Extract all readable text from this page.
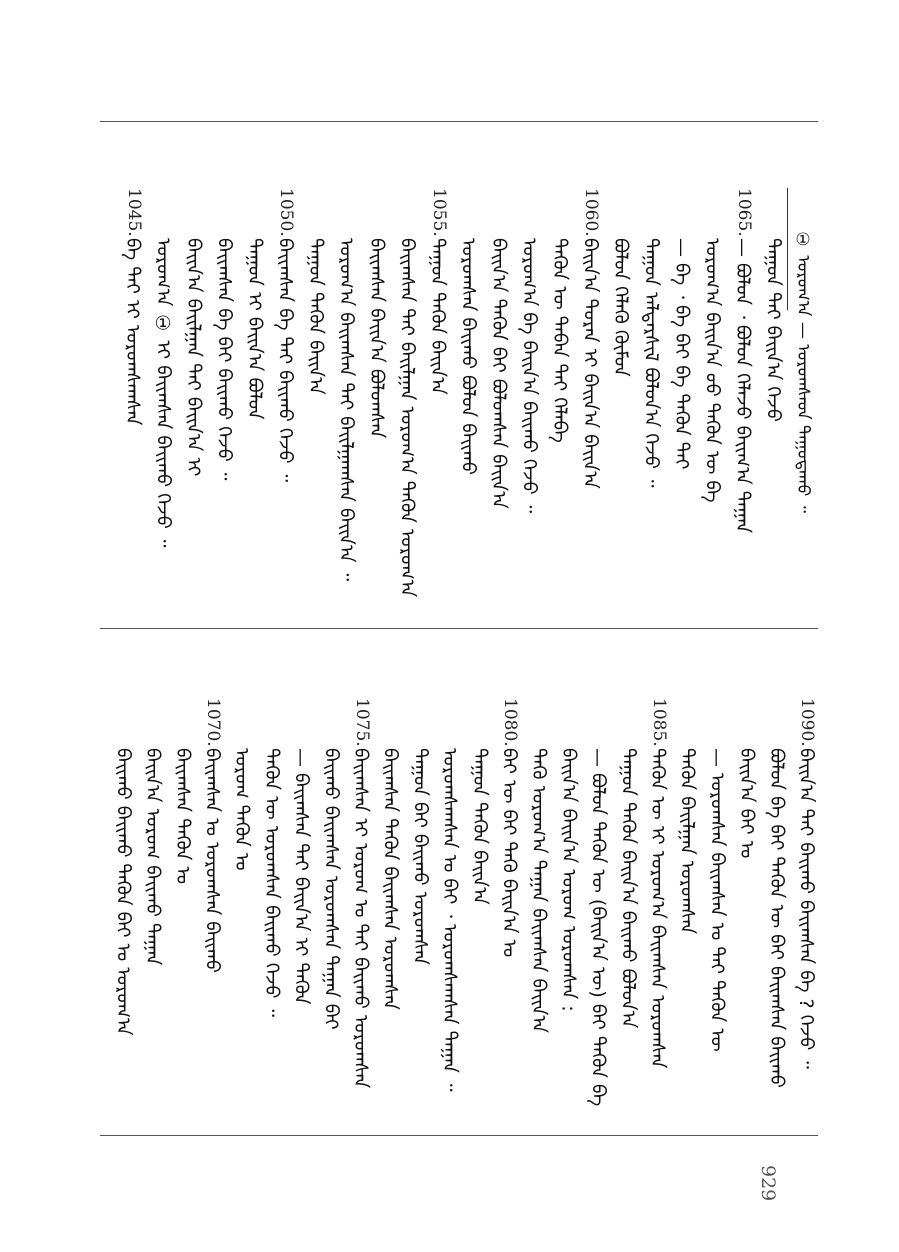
① ᠤᠷᠤᠭ᠎ᠠ — ᠤᠷᠤᠭᠰᠠᠳ ᠳᠠᠭᠤᠳᠠᠬᠤ ᠃
ᠳᠠᠭᠤᠨ ᠲᠠᠢ ᠪᠠᠢᠨ᠎ᠠ ᠭᠡᠵᠦ
1065.
— ᠪᠣᠯᠣᠨ ᠂ ᠪᠣᠯᠣᠨ ᠬᠡᠯᠡᠵᠦ ᠪᠠᠢᠭ᠎ᠠ ᠲᠠᠭᠠᠨ
ᠤᠷᠤᠭ᠎ᠠ ᠪᠠᠢᠨ᠎ᠠ ᠦᠦ ᠲᠡᠭᠦᠨ ᠦ ᠪᠠ
— ᠪᠠ ᠂ ᠪᠠ ᠪᠠᠢ ᠪᠠ ᠲᠡᠭᠦᠨ ᠲᠠᠢ
ᠳᠠᠭᠤᠨ ᠠᠯᠳᠠᠷᠰᠢᠯ ᠪᠣᠯᠤᠨ᠎ᠠ ᠭᠡᠵᠦ ᠃
ᠪᠣᠯᠣᠨ ᠬᠡᠯᠡᠬᠦ ᠬᠦᠮᠦᠨ
1060.
ᠪᠠᠢᠨ᠎ᠠ ᠳᠤᠷᠠᠨ ᠢ ᠪᠠᠢᠨ᠎ᠠ ᠪᠠᠢᠨ᠎ᠠ
ᠲᠡᠭᠦᠨ ᠦ ᠲᠠᠪᠠᠨ ᠲᠠᠢ ᠬᠡᠯᠡᠪᠡ
ᠤᠷᠤᠭ᠎ᠠ ᠪᠠ ᠪᠠᠢᠨ᠎ᠠ ᠪᠠᠢᠬᠤ ᠭᠡᠵᠦ ᠃
ᠪᠠᠢᠨ᠎ᠠ ᠲᠡᠭᠦᠨ ᠪᠠᠢ ᠪᠣᠯᠣᠭᠰᠠᠨ ᠪᠠᠢᠨ᠎ᠠ
ᠤᠷᠤᠭᠰᠠᠨ ᠪᠠᠢᠬᠤ ᠪᠣᠯᠣᠨ ᠪᠠᠢᠬᠤ
1055.
ᠳᠠᠭᠤᠨ ᠲᠡᠭᠦᠨ ᠪᠠᠢᠨ᠎ᠠ
ᠪᠠᠢᠭᠰᠠᠨ ᠲᠠᠢ ᠪᠠᠢᠯᠭᠠᠨ ᠤᠷᠤᠭ᠎ᠠ ᠲᠡᠭᠦᠨ ᠤᠷᠤᠭ᠎ᠠ
ᠪᠠᠢᠭᠰᠠᠨ ᠪᠠᠢᠨ᠎ᠠ ᠪᠣᠯᠣᠭᠰᠠᠨ
ᠤᠷᠤᠭ᠎ᠠ ᠪᠠᠢᠭᠰᠠᠨ ᠲᠠᠢ ᠪᠠᠢᠯᠭᠠᠭᠰᠠᠨ ᠪᠠᠢᠨ᠎ᠠ ᠃
ᠳᠠᠭᠤᠨ ᠲᠡᠭᠦᠨ ᠪᠠᠢᠨ᠎ᠠ
1050.
ᠪᠠᠢᠭᠰᠠᠨ ᠪᠠ ᠲᠠᠢ ᠪᠠᠢᠬᠤ ᠭᠡᠵᠦ ᠃
ᠳᠠᠭᠤᠨ ᠢ ᠪᠠᠢᠨ᠎ᠠ ᠪᠣᠯᠣᠨ
ᠪᠠᠢᠭᠰᠠᠨ ᠪᠠ ᠪᠠᠢ ᠪᠠᠢᠬᠤ ᠭᠡᠵᠦ ᠃
ᠪᠠᠢᠨ᠎ᠠ ᠪᠠᠢᠯᠭᠠᠨ ᠲᠠᠢ ᠪᠠᠢᠨ᠎ᠠ ᠢ
ᠤᠷᠤᠭ᠎ᠠ ① ᠢ ᠪᠠᠢᠭᠰᠠᠨ ᠪᠠᠢᠬᠤ ᠭᠡᠵᠦ ᠃
1045.
ᠪᠠ ᠲᠠᠢ ᠢ ᠤᠷᠤᠭᠰᠠᠭᠰᠠᠨ
1090.
ᠪᠠᠢᠨ᠎ᠠ ᠲᠠᠢ ᠪᠠᠢᠬᠤ ᠪᠠᠢᠭᠰᠠᠨ ᠪᠠ ? ᠭᠡᠵᠦ ᠃
ᠪᠣᠯᠣᠨ ᠪᠠ ᠪᠠᠢ ᠲᠡᠭᠦᠨ ᠦ ᠪᠠᠢ ᠪᠠᠢᠭᠰᠠᠨ ᠪᠠᠢᠬᠤ
ᠪᠠᠢᠨ᠎ᠠ ᠪᠠᠢ ᠤ
— ᠤᠷᠤᠭᠰᠠᠨ ᠪᠠᠢᠭᠰᠠᠨ ᠤ ᠲᠠᠢ ᠲᠡᠭᠦᠨ ᠦ
ᠲᠡᠭᠦᠨ ᠪᠠᠢᠯᠭᠠᠨ ᠤᠷᠤᠭᠰᠠᠨ
1085.
ᠲᠡᠭᠦᠨ ᠦ ᠢ ᠤᠷᠤᠭ᠎ᠠ ᠪᠠᠢᠭᠰᠠᠨ ᠤᠷᠤᠭᠰᠠᠨ
ᠳᠠᠭᠤᠨ ᠲᠡᠭᠦᠨ ᠪᠠᠢᠨ᠎ᠠ ᠪᠠᠢᠬᠤ ᠪᠣᠯᠣᠨ᠎ᠠ
— ᠪᠣᠯᠣᠨ ᠲᠡᠭᠦᠨ ᠦ (ᠪᠠᠢᠨ᠎ᠠ ᠦ) ᠪᠠᠢ ᠲᠡᠭᠦᠨ ᠪᠠ
ᠪᠠᠢᠨ᠎ᠠ ᠪᠠᠢᠨ᠎ᠠ ᠤᠷᠤᠭ ᠤᠷᠤᠭᠰᠠᠨ :
ᠲᠡᠭᠦ ᠤᠷᠤᠭ᠎ᠠ ᠲᠠᠭᠠᠨ ᠪᠠᠢᠭᠰᠠᠨ ᠪᠠᠢᠨ᠎ᠠ
1080.
ᠪᠠᠢ ᠦ ᠪᠠᠢ ᠲᠡᠭᠦ ᠪᠠᠢᠨ᠎ᠠ ᠤ
ᠳᠠᠭᠤᠨ ᠲᠡᠭᠦᠨ ᠪᠠᠢᠨ᠎ᠠ
ᠤᠷᠤᠭᠰᠠᠭᠰᠠᠨ ᠤ ᠪᠠᠢ ᠂ ᠤᠷᠤᠭᠰᠠᠭᠰᠠᠨ ᠲᠠᠭᠠᠨ ᠃
ᠳᠠᠭᠤᠨ ᠪᠠᠢ ᠪᠠᠢᠬᠤ ᠤᠷᠤᠭᠰᠠᠨ
ᠪᠠᠢᠭᠰᠠᠨ ᠲᠡᠭᠦᠨ ᠪᠠᠢᠭᠰᠠᠨ ᠤᠷᠤᠭᠰᠠᠨ
1075.
ᠪᠠᠢᠭᠰᠠᠨ ᠢ ᠤᠷᠤᠭ ᠤ ᠲᠠᠢ ᠪᠠᠢᠬᠤ ᠤᠷᠤᠭᠰᠠᠨ
ᠪᠠᠢᠬᠤ ᠪᠠᠢᠭᠰᠠᠨ ᠤᠷᠤᠭᠰᠠᠨ ᠲᠠᠭᠠᠨ ᠪᠠᠢ
— ᠪᠠᠢᠭᠰᠠᠨ ᠲᠠᠢ ᠪᠠᠢᠨ᠎ᠠ ᠢ ᠲᠡᠭᠦᠨ
ᠲᠡᠭᠦᠨ ᠦ ᠤᠷᠤᠭᠰᠠᠨ ᠪᠠᠢᠬᠤ ᠭᠡᠵᠦ ᠃
ᠤᠷᠤᠭ ᠲᠡᠭᠦᠨ ᠤ
1070.
ᠪᠠᠢᠭᠰᠠᠨ ᠤ ᠤᠷᠤᠭᠰᠠᠨ ᠪᠠᠢᠬᠤ
ᠪᠠᠢᠭᠰᠠᠨ ᠲᠡᠭᠦᠨ ᠤ
ᠪᠠᠢᠨ᠎ᠠ ᠤᠷᠤᠭ ᠪᠠᠢᠬᠤ ᠲᠠᠭᠠᠨ
ᠪᠠᠢᠬᠤ ᠪᠠᠢᠬᠤ ᠲᠡᠭᠦᠨ ᠪᠠᠢ ᠤ ᠤᠷᠤᠭ᠎ᠠ
929
